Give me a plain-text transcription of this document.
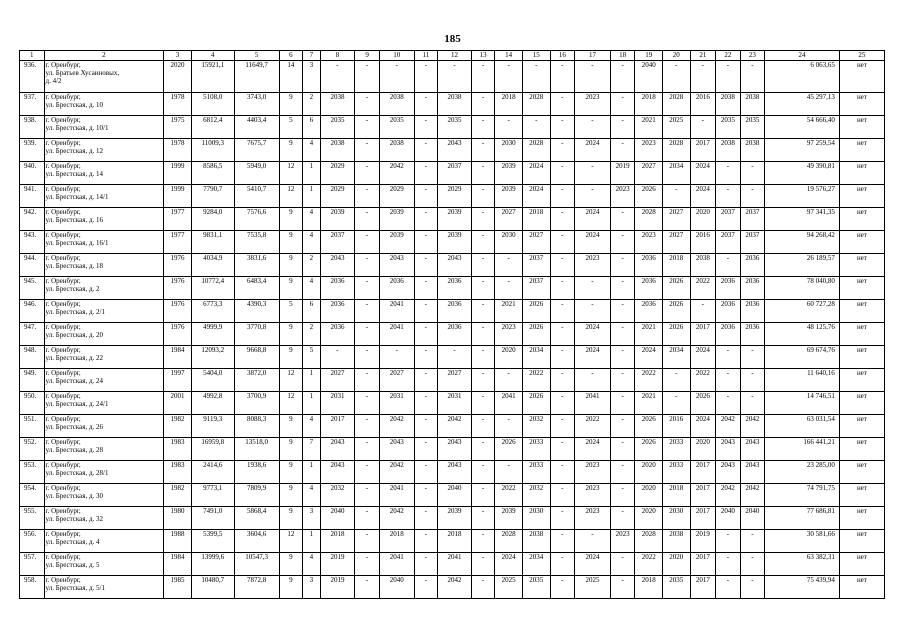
185
1	2	3	4	5	6	7	8	9	10	11	12	13	14	15	16	17	18	19	20	21	22	23	24	25
936.	г. Оренбург,
ул. Братьев Хусаиновых,
д. 4/2	2020	15921,1	11649,7	14	3	-	-	-	-	-	-	-	-	-	-	-	2040	-	-	-	-	6 063,65	нет
937.	г. Оренбург,
ул. Брестская, д. 10	1978	5108,0	3743,0	9	2	2038	-	2038	-	2038	-	2018	2028	-	2023	-	2018	2028	2016	2038	2038	45 297,13	нет
938.	г. Оренбург,
ул. Брестская, д. 10/1	1975	6812,4	4403,4	5	6	2035	-	2035	-	2035	-	-	-	-	-	-	2021	2025	-	2035	2035	54 666,40	нет
939.	г. Оренбург,
ул. Брестская, д. 12	1978	11009,3	7675,7	9	4	2038	-	2038	-	2043	-	2030	2028	-	2024	-	2023	2028	2017	2038	2038	97 259,54	нет
940.	г. Оренбург,
ул. Брестская, д. 14	1999	8586,5	5949,0	12	1	2029	-	2042	-	2037	-	2039	2024	-	-	2019	2027	2034	2024	-	-	49 390,81	нет
941.	г. Оренбург,
ул. Брестская, д. 14/1	1999	7790,7	5410,7	12	1	2029	-	2029	-	2029	-	2039	2024	-	-	2023	2026	-	2024	-	-	19 576,27	нет
942.	г. Оренбург,
ул. Брестская, д. 16	1977	9284,0	7576,6	9	4	2039	-	2039	-	2039	-	2027	2018	-	2024	-	2028	2027	2020	2037	2037	97 341,35	нет
943.	г. Оренбург,
ул. Брестская, д. 16/1	1977	9831,1	7535,8	9	4	2037	-	2039	-	2039	-	2030	2027	-	2024	-	2023	2027	2016	2037	2037	94 268,42	нет
944.	г. Оренбург,
ул. Брестская, д. 18	1976	4034,9	3831,6	9	2	2043	-	2043	-	2043	-	-	2037	-	2023	-	2036	2018	2038	-	2036	26 189,57	нет
945.	г. Оренбург,
ул. Брестская, д. 2	1976	10772,4	6483,4	9	4	2036	-	2036	-	2036	-	-	2037	-	-	-	2036	2026	2022	2036	2036	78 040,80	нет
946.	г. Оренбург,
ул. Брестская, д. 2/1	1976	6773,3	4390,3	5	6	2036	-	2041	-	2036	-	2021	2026	-	-	-	2036	2026	-	2036	2036	60 727,28	нет
947.	г. Оренбург,
ул. Брестская, д. 20	1976	4999,9	3770,8	9	2	2036	-	2041	-	2036	-	2023	2026	-	2024	-	2021	2026	2017	2036	2036	48 125,76	нет
948.	г. Оренбург,
ул. Брестская, д. 22	1984	12093,2	9668,8	9	5	-	-	-	-	-	-	2020	2034	-	2024	-	2024	2034	2024	-	-	69 674,76	нет
949.	г. Оренбург,
ул. Брестская, д. 24	1997	5404,0	3872,0	12	1	2027	-	2027	-	2027	-	-	2022	-	-	-	2022	-	2022	-	-	11 640,16	нет
950.	г. Оренбург,
ул. Брестская, д. 24/1	2001	4992,8	3700,9	12	1	2031	-	2031	-	2031	-	2041	2026	-	2041	-	2021	-	2026	-	-	14 746,51	нет
951.	г. Оренбург,
ул. Брестская, д. 26	1982	9119,3	8088,3	9	4	2017	-	2042	-	2042	-	-	2032	-	2022	-	2026	2016	2024	2042	2042	63 031,54	нет
952.	г. Оренбург,
ул. Брестская, д. 28	1983	16959,8	13518,0	9	7	2043	-	2043	-	2043	-	2026	2033	-	2024	-	2026	2033	2020	2043	2043	166 441,21	нет
953.	г. Оренбург,
ул. Брестская, д. 28/1	1983	2414,6	1938,6	9	1	2043	-	2042	-	2043	-	-	2033	-	2023	-	2020	2033	2017	2043	2043	23 285,00	нет
954.	г. Оренбург,
ул. Брестская, д. 30	1982	9773,1	7809,9	9	4	2032	-	2041	-	2040	-	2022	2032	-	2023	-	2020	2018	2017	2042	2042	74 791,75	нет
955.	г. Оренбург,
ул. Брестская, д. 32	1980	7491,0	5868,4	9	3	2040	-	2042	-	2039	-	2039	2030	-	2023	-	2020	2030	2017	2040	2040	77 686,81	нет
956.	г. Оренбург,
ул. Брестская, д. 4	1988	5399,5	3604,6	12	1	2018	-	2018	-	2018	-	2028	2038	-	-	2023	2028	2038	2019	-	-	30 581,66	нет
957.	г. Оренбург,
ул. Брестская, д. 5	1984	13999,6	10547,3	9	4	2019	-	2041	-	2041	-	2024	2034	-	2024	-	2022	2020	2017	-	-	63 382,31	нет
958.	г. Оренбург,
ул. Брестская, д. 5/1	1985	10480,7	7872,8	9	3	2019	-	2040	-	2042	-	2025	2035	-	2025	-	2018	2035	2017	-	-	75 439,94	нет
